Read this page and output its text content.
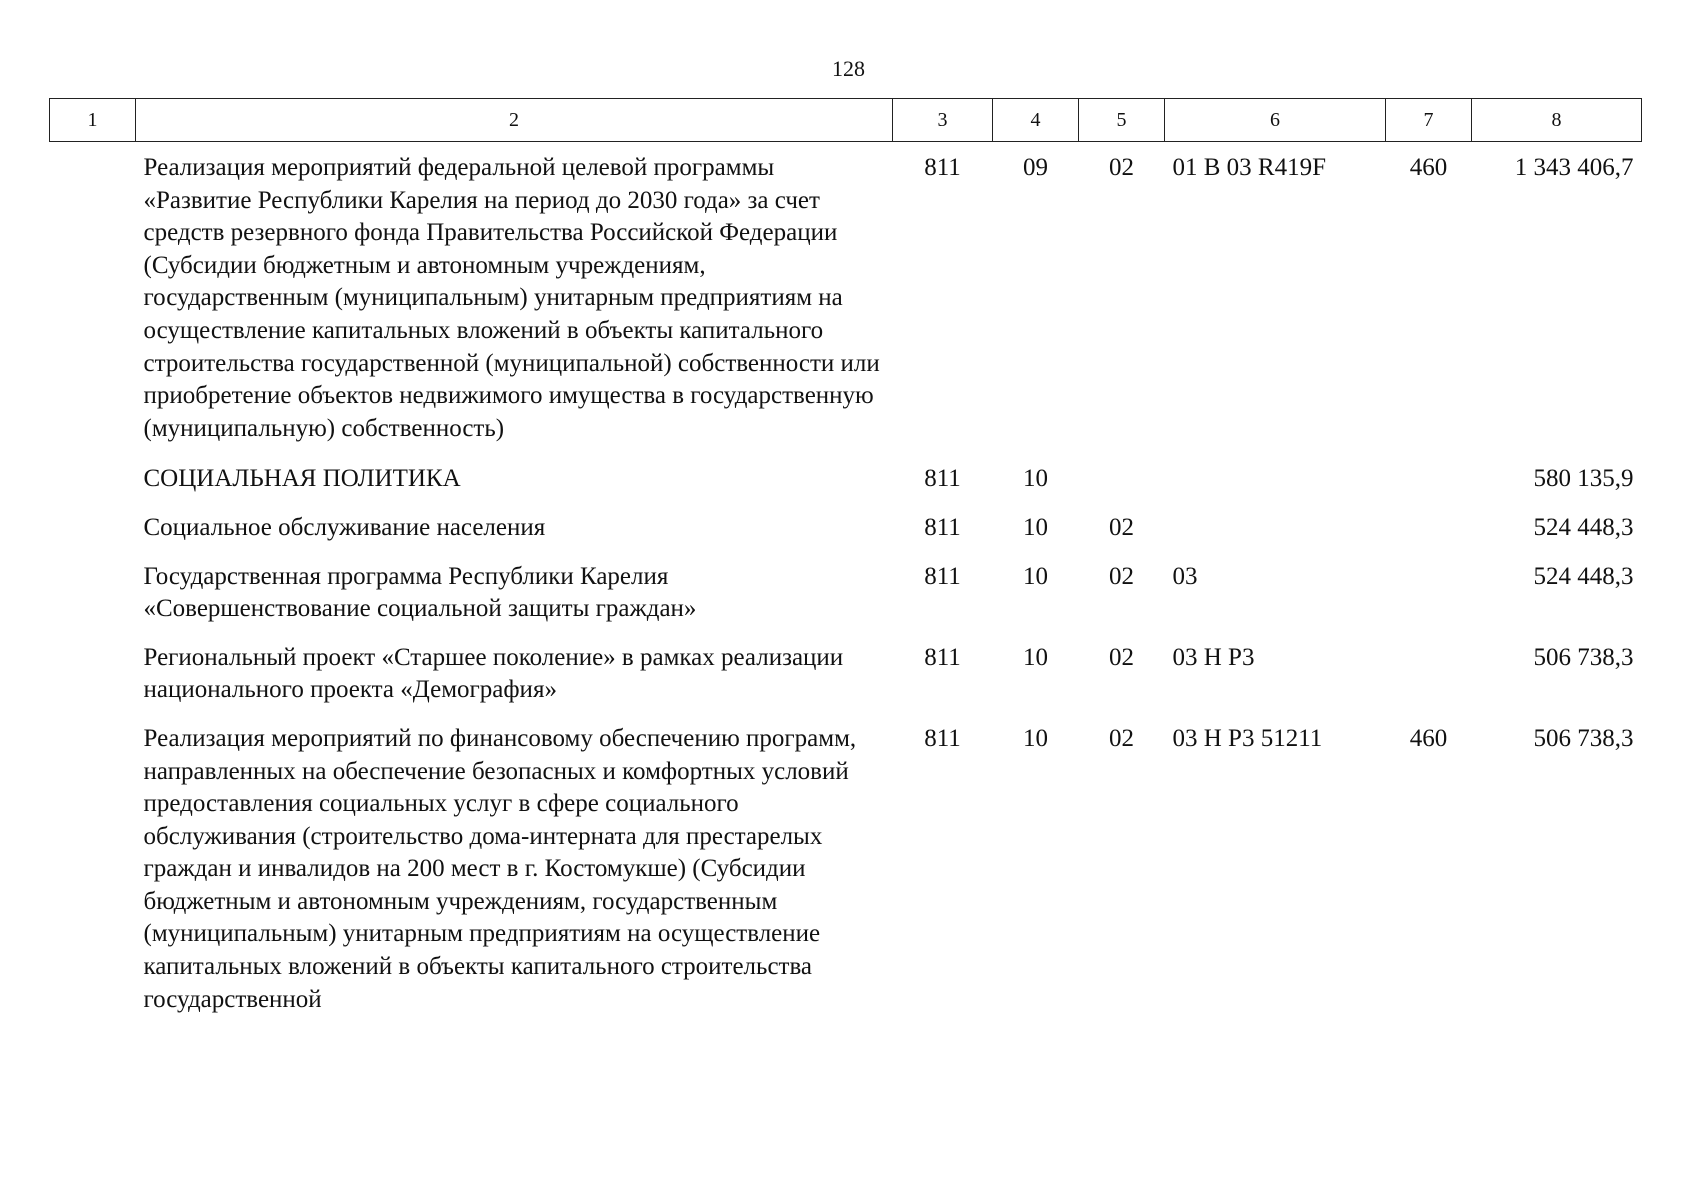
128
1	2	3	4	5	6	7	8
	Реализация мероприятий федеральной целевой программы «Развитие Республики Карелия на период до 2030 года» за счет средств резервного фонда Правительства Российской Федерации (Субсидии бюджетным и автономным учреждениям, государственным (муниципальным) унитарным предприятиям на осуществление капитальных вложений в объекты капитального строительства государственной (муниципальной) собственности или приобретение объектов недвижимого имущества в государственную (муниципальную) собственность)	811	09	02	01 В 03 R419F	460	1 343 406,7
	СОЦИАЛЬНАЯ ПОЛИТИКА	811	10				580 135,9
	Социальное обслуживание населения	811	10	02			524 448,3
	Государственная программа Республики Карелия «Совершенствование социальной защиты граждан»	811	10	02	03		524 448,3
	Региональный проект «Старшее поколение» в рамках реализации национального проекта «Демография»	811	10	02	03 Н Р3		506 738,3
	Реализация мероприятий по финансовому обеспечению программ, направленных на обеспечение безопасных и комфортных условий предоставления социальных услуг в сфере социального обслуживания (строительство дома-интерната для престарелых граждан и инвалидов на 200 мест в г. Костомукше) (Субсидии бюджетным и автономным учреждениям, государственным (муниципальным) унитарным предприятиям на осуществление капитальных вложений в объекты капитального строительства государственной	811	10	02	03 Н Р3 51211	460	506 738,3
